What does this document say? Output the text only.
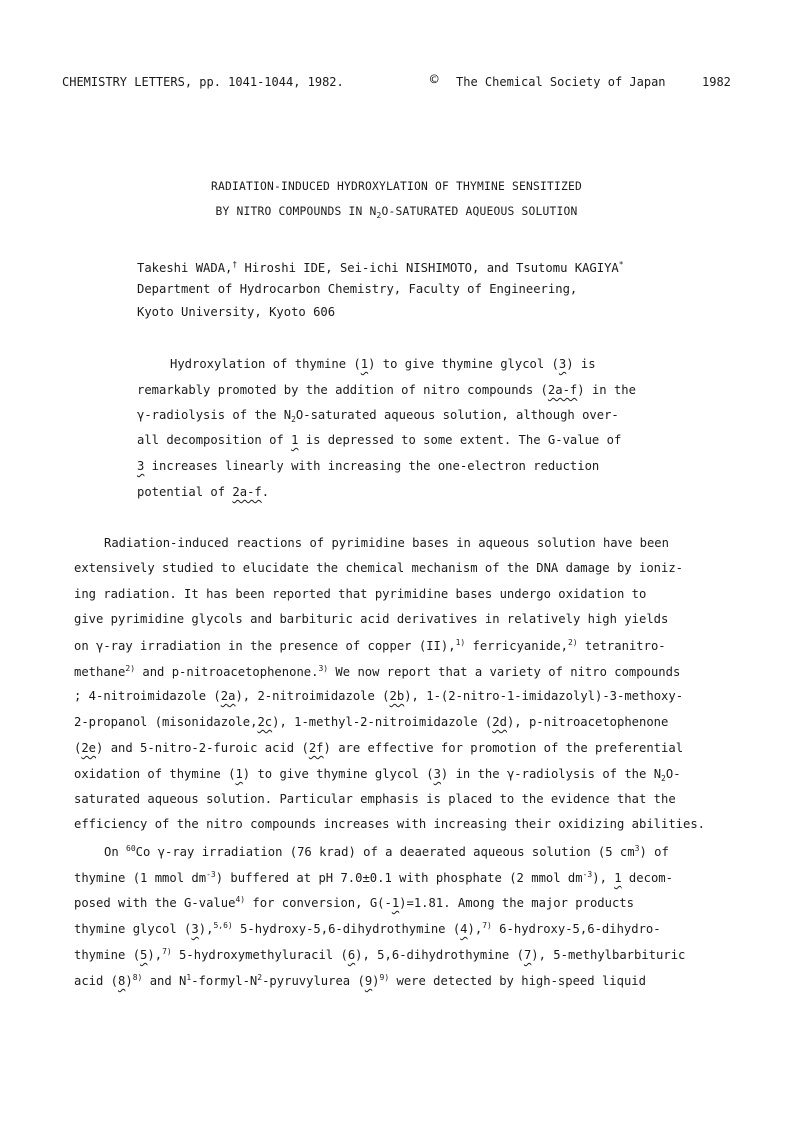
CHEMISTRY LETTERS, pp. 1041-1044, 1982.	© The Chemical Society of Japan	1982
RADIATION-INDUCED HYDROXYLATION OF THYMINE SENSITIZED
BY NITRO COMPOUNDS IN $N_2O$-SATURATED AQUEOUS SOLUTION
Takeshi WADA,† Hiroshi IDE, Sei-ichi NISHIMOTO, and Tsutomu KAGIYA*
Department of Hydrocarbon Chemistry, Faculty of Engineering,
Kyoto University, Kyoto 606
Hydroxylation of thymine (1) to give thymine glycol (3) is
remarkably promoted by the addition of nitro compounds (2a-f) in the
γ-radiolysis of the $N_2O$-saturated aqueous solution, although over-
all decomposition of 1 is depressed to some extent. The G-value of
3 increases linearly with increasing the one-electron reduction
potential of 2a-f.
Radiation-induced reactions of pyrimidine bases in aqueous solution have been
extensively studied to elucidate the chemical mechanism of the DNA damage by ioniz-
ing radiation. It has been reported that pyrimidine bases undergo oxidation to
give pyrimidine glycols and barbituric acid derivatives in relatively high yields
on γ-ray irradiation in the presence of copper (II),$^{1)}$ ferricyanide,$^{2)}$ tetranitro-
methane$^{2)}$ and p-nitroacetophenone.$^{3)}$ We now report that a variety of nitro compounds
; 4-nitroimidazole (2a), 2-nitroimidazole (2b), 1-(2-nitro-1-imidazolyl)-3-methoxy-
2-propanol (misonidazole,2c), 1-methyl-2-nitroimidazole (2d), p-nitroacetophenone
(2e) and 5-nitro-2-furoic acid (2f) are effective for promotion of the preferential
oxidation of thymine (1) to give thymine glycol (3) in the γ-radiolysis of the $N_2O-$
saturated aqueous solution. Particular emphasis is placed to the evidence that the
efficiency of the nitro compounds increases with increasing their oxidizing abilities.
On $^{60}$Co γ-ray irradiation (76 krad) of a deaerated aqueous solution (5 $cm^3$) of
thymine (1 mmol $dm^{-3}$) buffered at pH 7.0±0.1 with phosphate (2 mmol $dm^{-3}$), 1 decom-
posed with the G-value$^{4)}$ for conversion, G(-1)=1.81. Among the major products
thymine glycol (3),$^{5,6)}$ 5-hydroxy-5,6-dihydrothymine (4),$^{7)}$ 6-hydroxy-5,6-dihydro-
thymine (5),$^{7)}$ 5-hydroxymethyluracil (6), 5,6-dihydrothymine (7), 5-methylbarbituric
acid $(8)^{8)}$ and $N^1-formyl-N^2$-pyruvylurea $(9)^{9)}$ were detected by high-speed liquid
